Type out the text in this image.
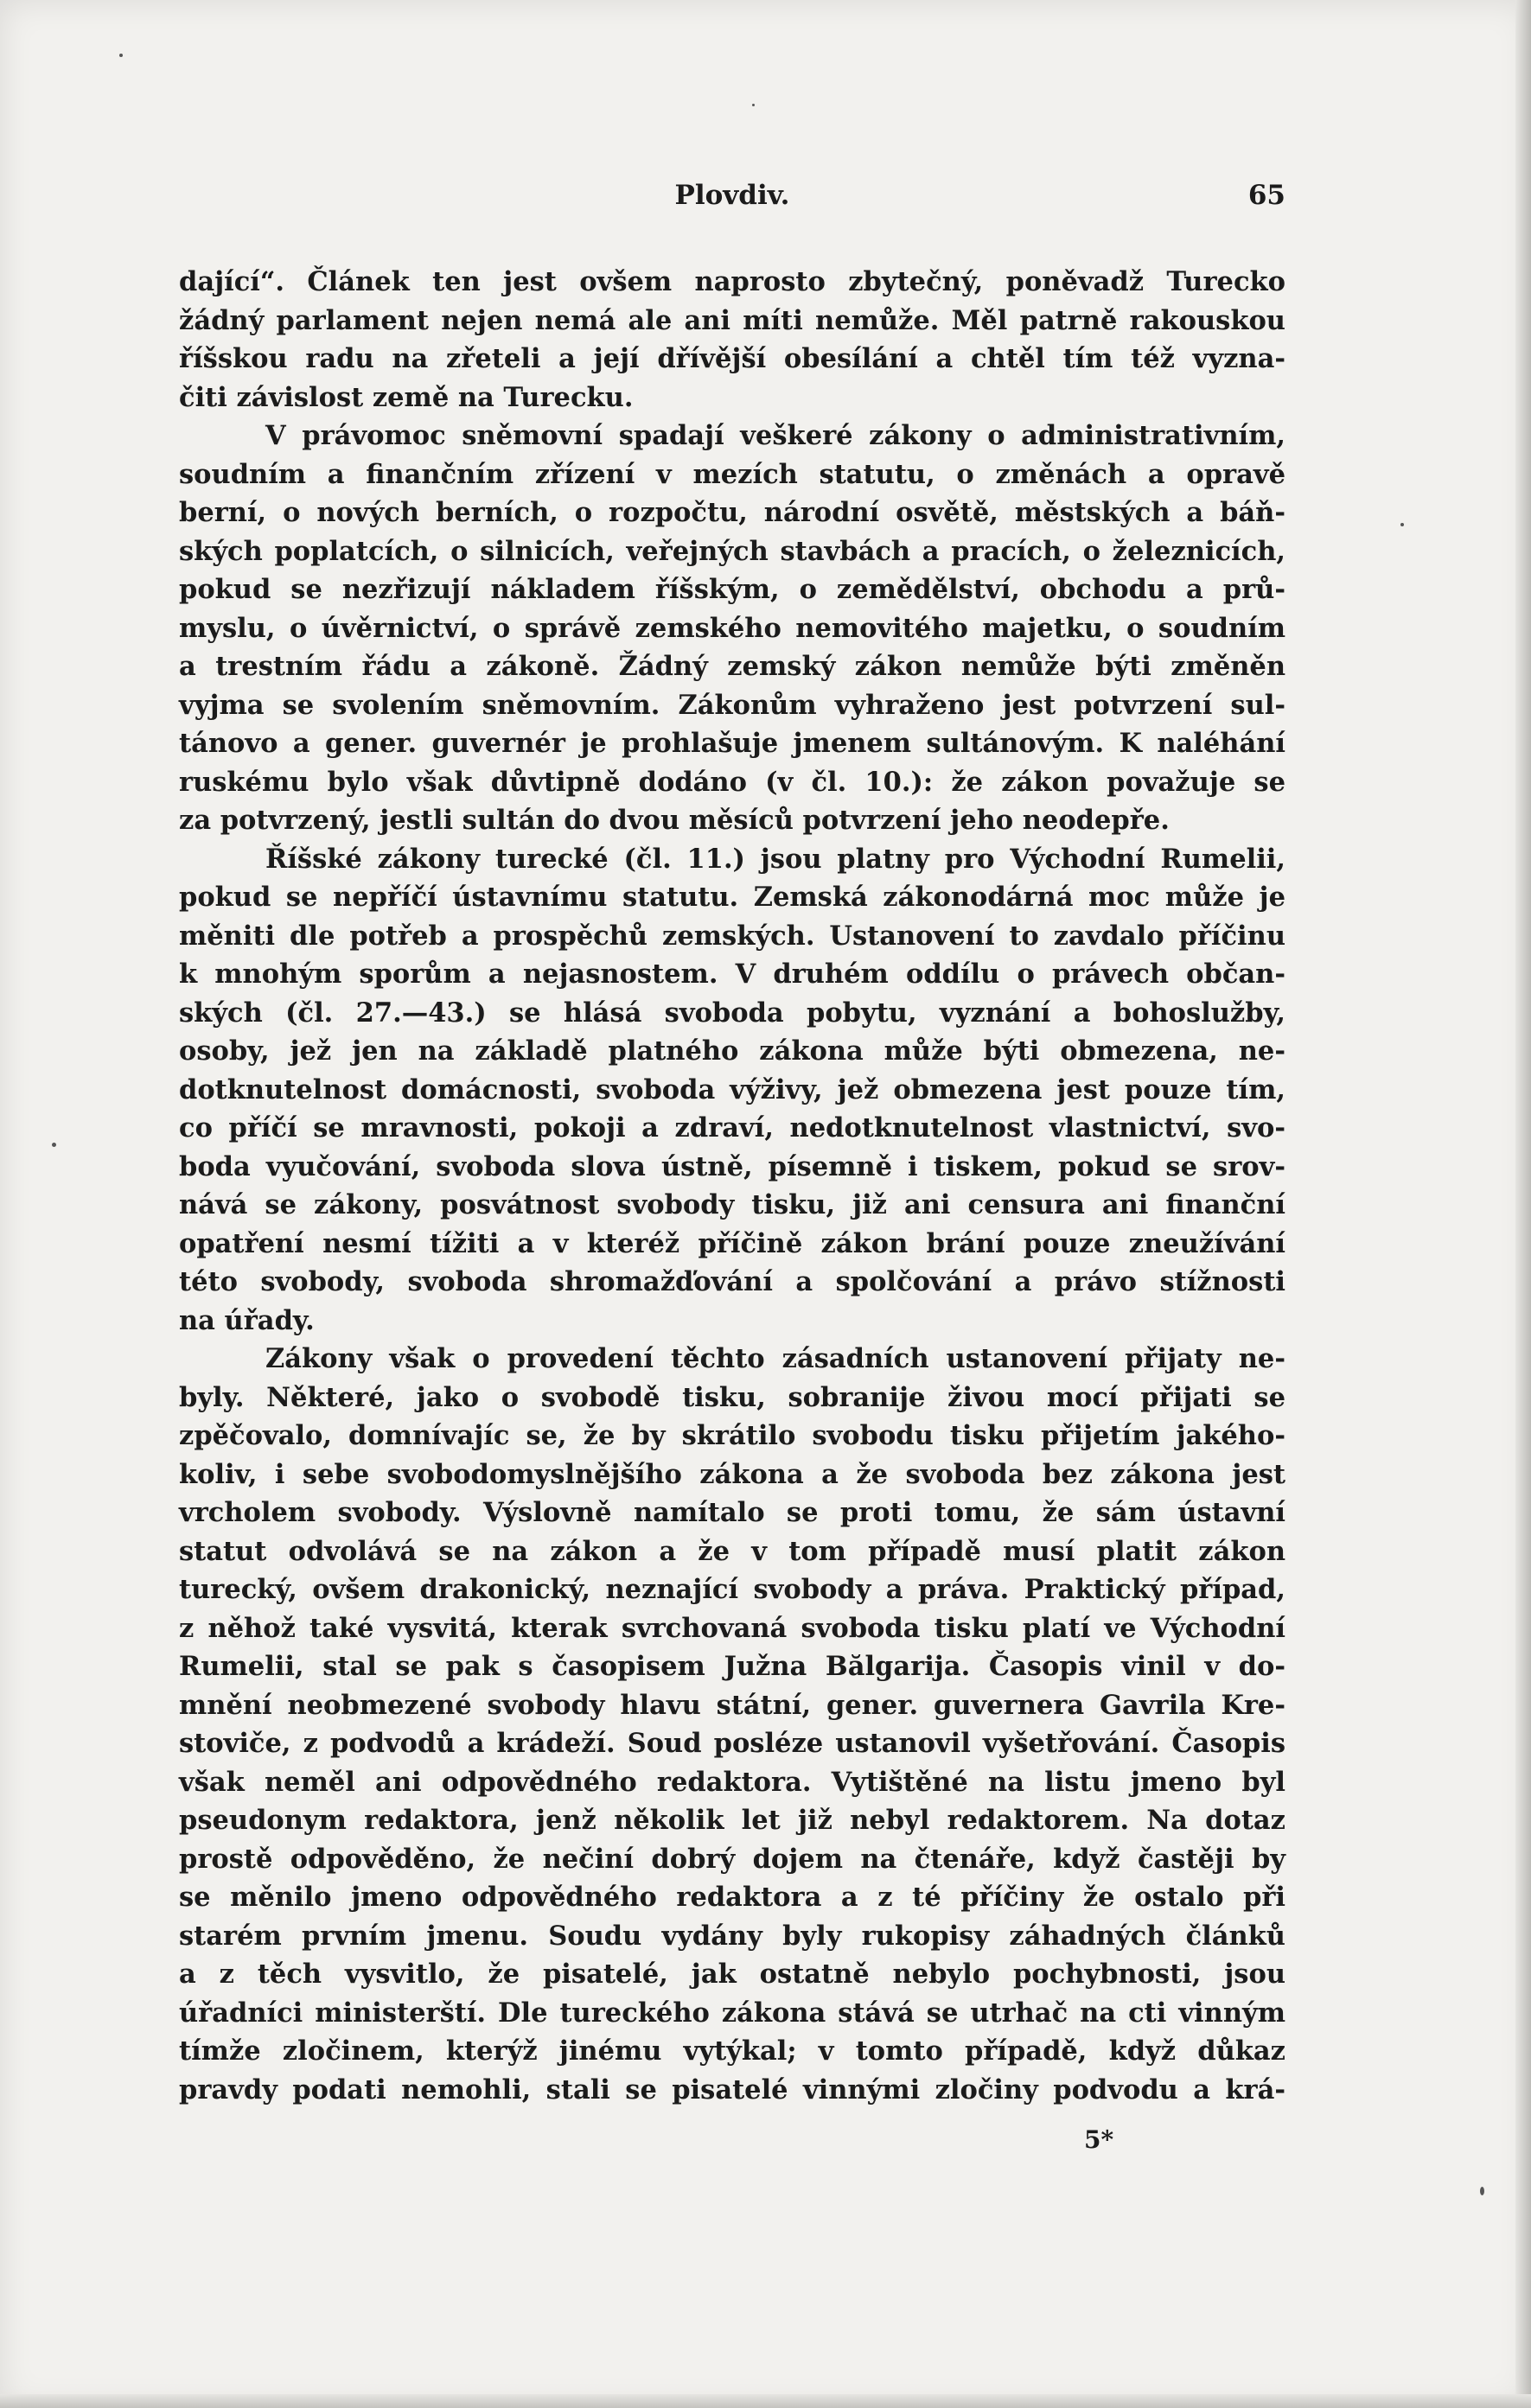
Plovdiv.	65
dající“. Článek ten jest ovšem naprosto zbytečný, poněvadž Turecko
žádný parlament nejen nemá ale ani míti nemůže. Měl patrně rakouskou
říšskou radu na zřeteli a její dřívější obesílání a chtěl tím též vyzna-
čiti závislost země na Turecku.
V právomoc sněmovní spadají veškeré zákony o administrativním,
soudním a finančním zřízení v mezích statutu, o změnách a opravě
berní, o nových berních, o rozpočtu, národní osvětě, městských a báň-
ských poplatcích, o silnicích, veřejných stavbách a pracích, o železnicích,
pokud se nezřizují nákladem říšským, o zemědělství, obchodu a prů-
myslu, o úvěrnictví, o správě zemského nemovitého majetku, o soudním
a trestním řádu a zákoně. Žádný zemský zákon nemůže býti změněn
vyjma se svolením sněmovním. Zákonům vyhraženo jest potvrzení sul-
tánovo a gener. guvernér je prohlašuje jmenem sultánovým. K naléhání
ruskému bylo však důvtipně dodáno (v čl. 10.): že zákon považuje se
za potvrzený, jestli sultán do dvou měsíců potvrzení jeho neodepře.
Říšské zákony turecké (čl. 11.) jsou platny pro Východní Rumelii,
pokud se nepříčí ústavnímu statutu. Zemská zákonodárná moc může je
měniti dle potřeb a prospěchů zemských. Ustanovení to zavdalo příčinu
k mnohým sporům a nejasnostem. V druhém oddílu o právech občan-
ských (čl. 27.—43.) se hlásá svoboda pobytu, vyznání a bohoslužby,
osoby, jež jen na základě platného zákona může býti obmezena, ne-
dotknutelnost domácnosti, svoboda výživy, jež obmezena jest pouze tím,
co příčí se mravnosti, pokoji a zdraví, nedotknutelnost vlastnictví, svo-
boda vyučování, svoboda slova ústně, písemně i tiskem, pokud se srov-
nává se zákony, posvátnost svobody tisku, již ani censura ani finanční
opatření nesmí tížiti a v kteréž příčině zákon brání pouze zneužívání
této svobody, svoboda shromažďování a spolčování a právo stížnosti
na úřady.
Zákony však o provedení těchto zásadních ustanovení přijaty ne-
byly. Některé, jako o svobodě tisku, sobranije živou mocí přijati se
zpěčovalo, domnívajíc se, že by skrátilo svobodu tisku přijetím jakého-
koliv, i sebe svobodomyslnějšího zákona a že svoboda bez zákona jest
vrcholem svobody. Výslovně namítalo se proti tomu, že sám ústavní
statut odvolává se na zákon a že v tom případě musí platit zákon
turecký, ovšem drakonický, neznající svobody a práva. Praktický případ,
z něhož také vysvitá, kterak svrchovaná svoboda tisku platí ve Východní
Rumelii, stal se pak s časopisem Južna Bălgarija. Časopis vinil v do-
mnění neobmezené svobody hlavu státní, gener. guvernera Gavrila Kre-
stoviče, z podvodů a krádeží. Soud posléze ustanovil vyšetřování. Časopis
však neměl ani odpovědného redaktora. Vytištěné na listu jmeno byl
pseudonym redaktora, jenž několik let již nebyl redaktorem. Na dotaz
prostě odpověděno, že nečiní dobrý dojem na čtenáře, když častěji by
se měnilo jmeno odpovědného redaktora a z té příčiny že ostalo při
starém prvním jmenu. Soudu vydány byly rukopisy záhadných článků
a z těch vysvitlo, že pisatelé, jak ostatně nebylo pochybnosti, jsou
úřadníci ministerští. Dle tureckého zákona stává se utrhač na cti vinným
tímže zločinem, kterýž jinému vytýkal; v tomto případě, když důkaz
pravdy podati nemohli, stali se pisatelé vinnými zločiny podvodu a krá-
5*
